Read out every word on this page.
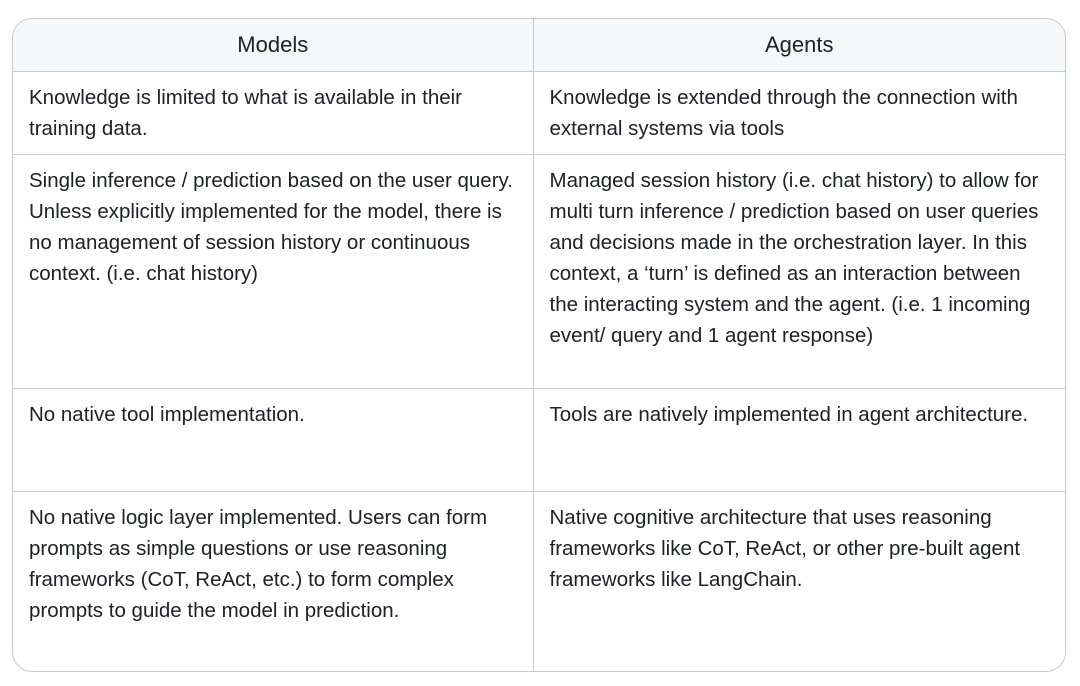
Models	Agents
Knowledge is limited to what is available in their training data.	Knowledge is extended through the connection with external systems via tools
Single inference / prediction based on the user query. Unless explicitly implemented for the model, there is no management of session history or continuous context. (i.e. chat history)	Managed session history (i.e. chat history) to allow for multi turn inference / prediction based on user queries and decisions made in the orchestration layer. In this context, a ‘turn’ is defined as an interaction between the interacting system and the agent. (i.e. 1 incoming event/ query and 1 agent response)
No native tool implementation.	Tools are natively implemented in agent architecture.
No native logic layer implemented. Users can form prompts as simple questions or use reasoning frameworks (CoT, ReAct, etc.) to form complex prompts to guide the model in prediction.	Native cognitive architecture that uses reasoning frameworks like CoT, ReAct, or other pre-built agent frameworks like LangChain.
